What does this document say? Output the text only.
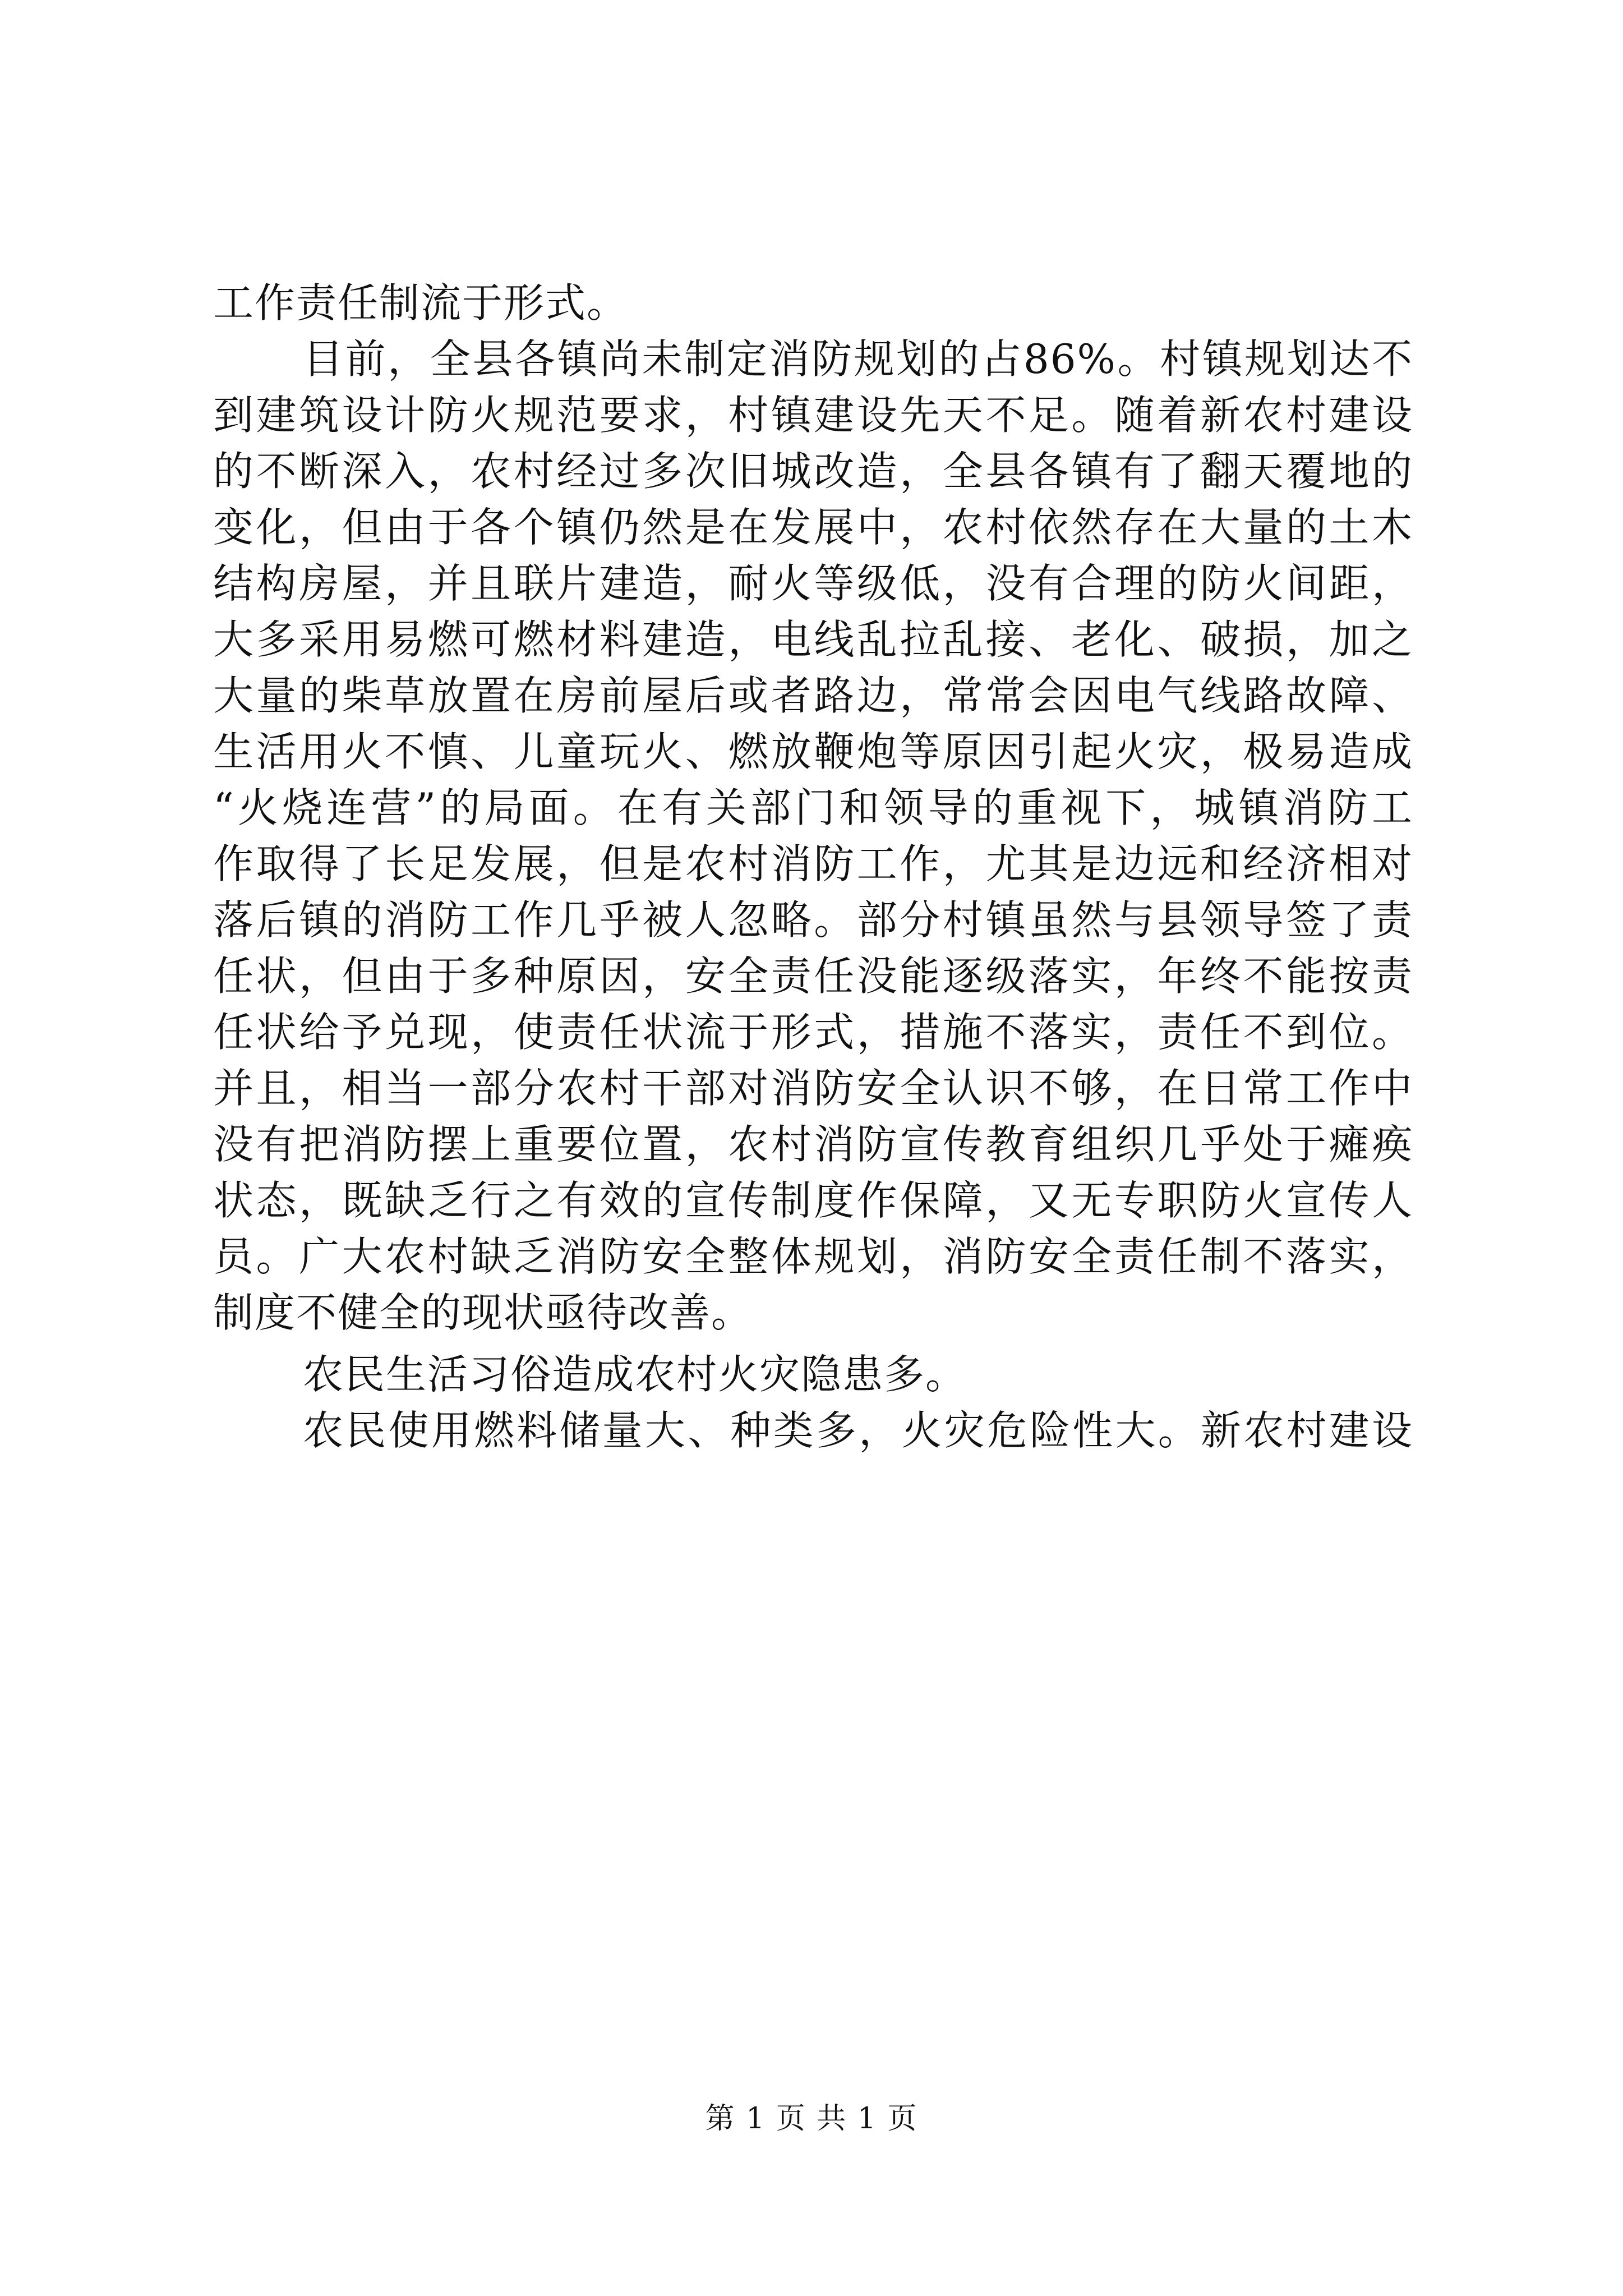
工作责任制流于形式。
目前，全县各镇尚未制定消防规划的占86%。村镇规划达不
到建筑设计防火规范要求，村镇建设先天不足。随着新农村建设
的不断深入，农村经过多次旧城改造，全县各镇有了翻天覆地的
变化，但由于各个镇仍然是在发展中，农村依然存在大量的土木
结构房屋，并且联片建造，耐火等级低，没有合理的防火间距，
大多采用易燃可燃材料建造，电线乱拉乱接、老化、破损，加之
大量的柴草放置在房前屋后或者路边，常常会因电气线路故障、
生活用火不慎、儿童玩火、燃放鞭炮等原因引起火灾，极易造成
“火烧连营”的局面。在有关部门和领导的重视下，城镇消防工
作取得了长足发展，但是农村消防工作，尤其是边远和经济相对
落后镇的消防工作几乎被人忽略。部分村镇虽然与县领导签了责
任状，但由于多种原因，安全责任没能逐级落实，年终不能按责
任状给予兑现，使责任状流于形式，措施不落实，责任不到位。
并且，相当一部分农村干部对消防安全认识不够，在日常工作中
没有把消防摆上重要位置，农村消防宣传教育组织几乎处于瘫痪
状态，既缺乏行之有效的宣传制度作保障，又无专职防火宣传人
员。广大农村缺乏消防安全整体规划，消防安全责任制不落实，
制度不健全的现状亟待改善。
农民生活习俗造成农村火灾隐患多。
农民使用燃料储量大、种类多，火灾危险性大。新农村建设
第 1 页 共 1 页
